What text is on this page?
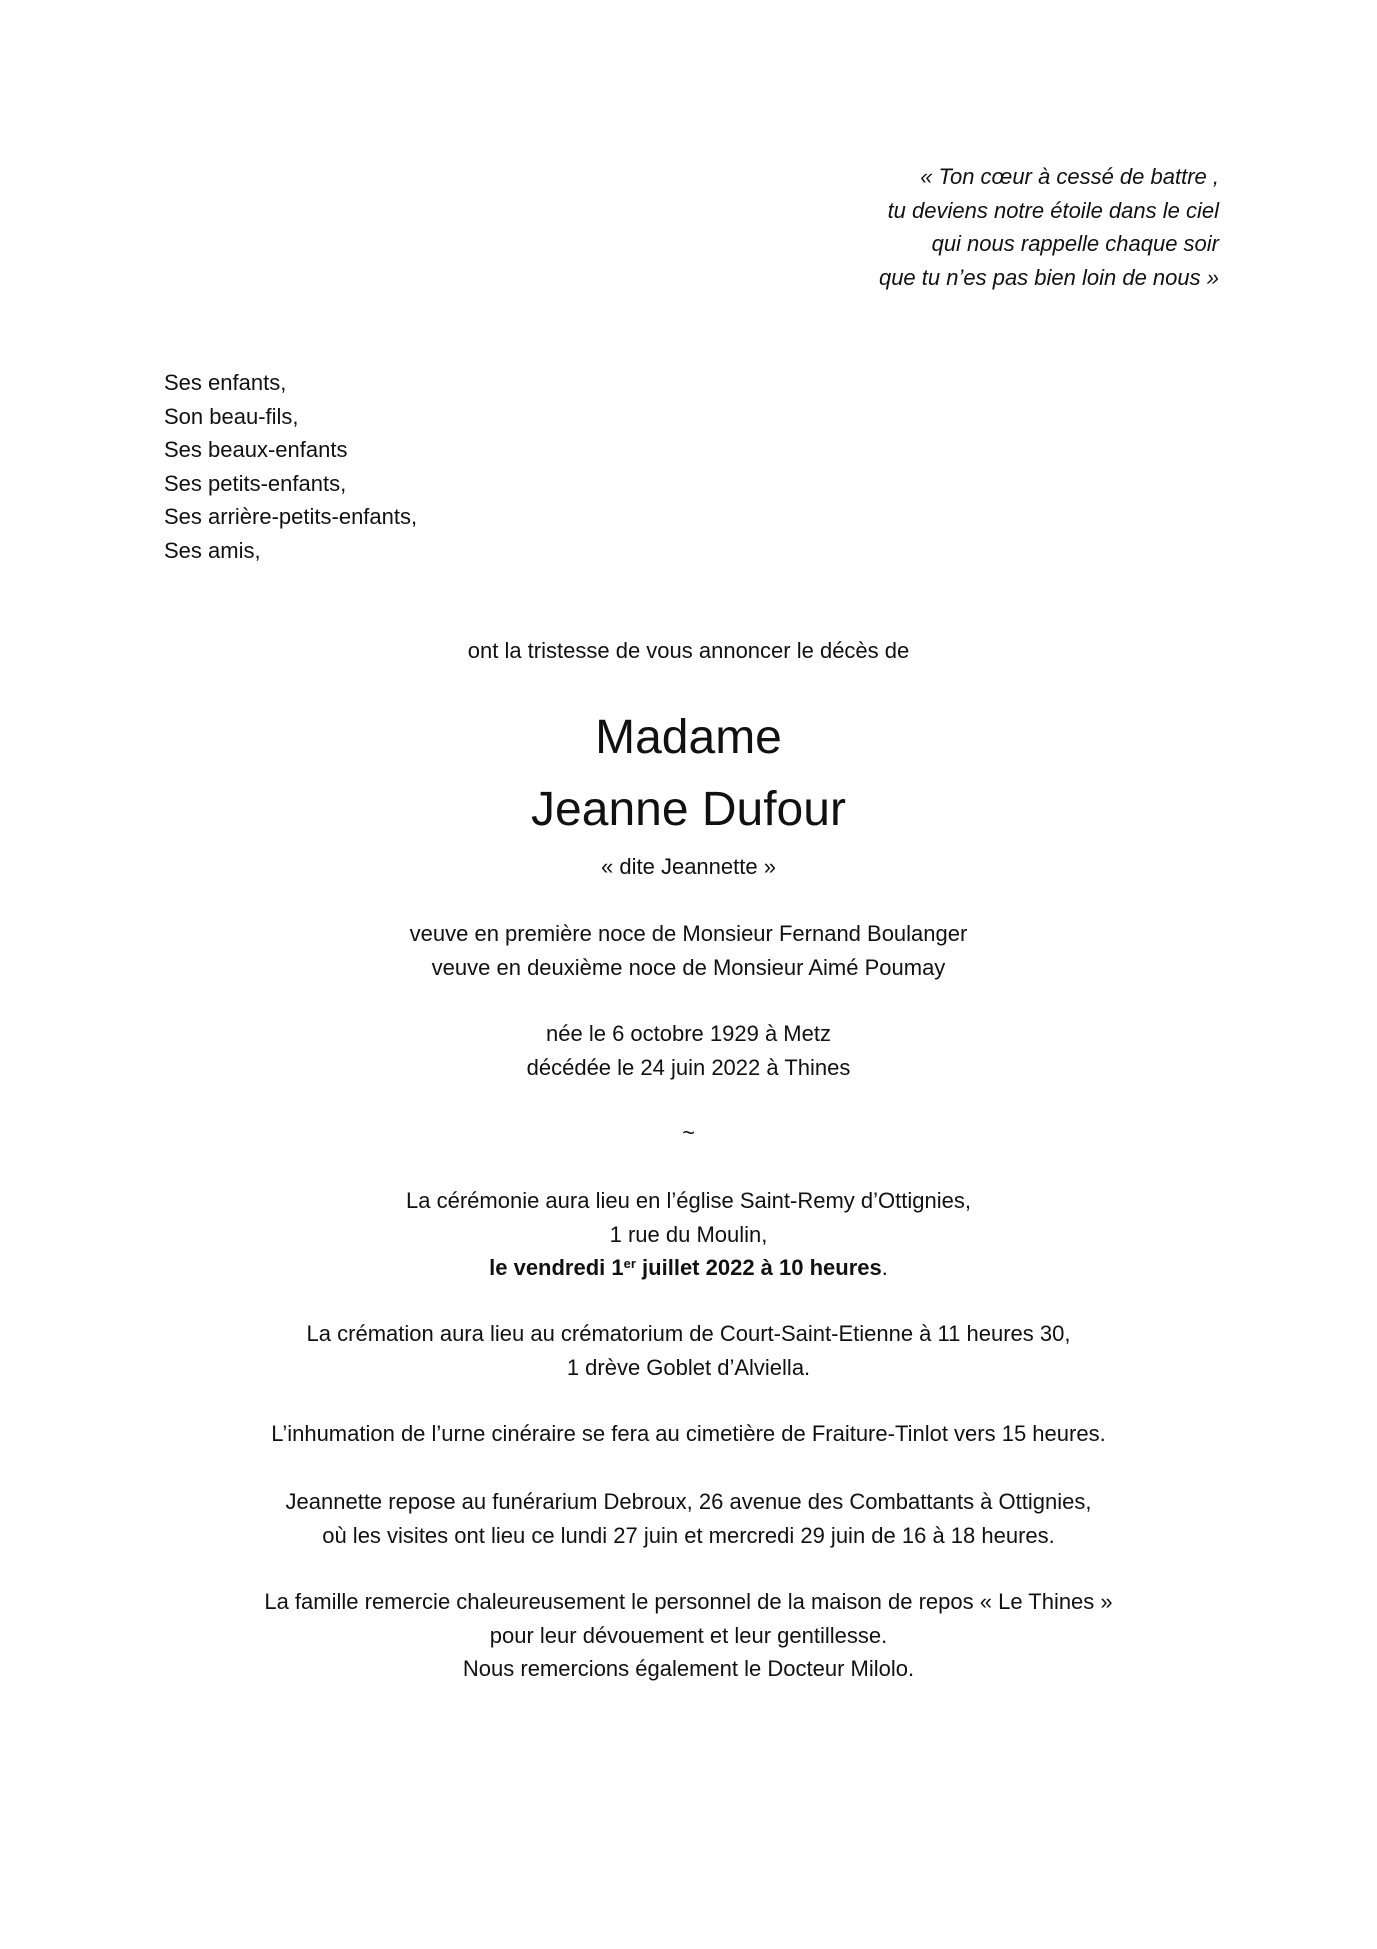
« Ton cœur à cessé de battre ,
tu deviens notre étoile dans le ciel
qui nous rappelle chaque soir
que tu n’es pas bien loin de nous »
Ses enfants,
Son beau-fils,
Ses beaux-enfants
Ses petits-enfants,
Ses arrière-petits-enfants,
Ses amis,
ont la tristesse de vous annoncer le décès de
Madame
Jeanne Dufour
« dite Jeannette »
veuve en première noce de Monsieur Fernand Boulanger
veuve en deuxième noce de Monsieur Aimé Poumay
née le 6 octobre 1929 à Metz
décédée le 24 juin 2022 à Thines
~
La cérémonie aura lieu en l’église Saint-Remy d’Ottignies,
1 rue du Moulin,
le vendredi 1er juillet 2022 à 10 heures.
La crémation aura lieu au crématorium de Court-Saint-Etienne à 11 heures 30,
1 drève Goblet d’Alviella.
L’inhumation de l’urne cinéraire se fera au cimetière de Fraiture-Tinlot vers 15 heures.
Jeannette repose au funérarium Debroux, 26 avenue des Combattants à Ottignies,
où les visites ont lieu ce lundi 27 juin et mercredi 29 juin de 16 à 18 heures.
La famille remercie chaleureusement le personnel de la maison de repos « Le Thines »
pour leur dévouement et leur gentillesse.
Nous remercions également le Docteur Milolo.
